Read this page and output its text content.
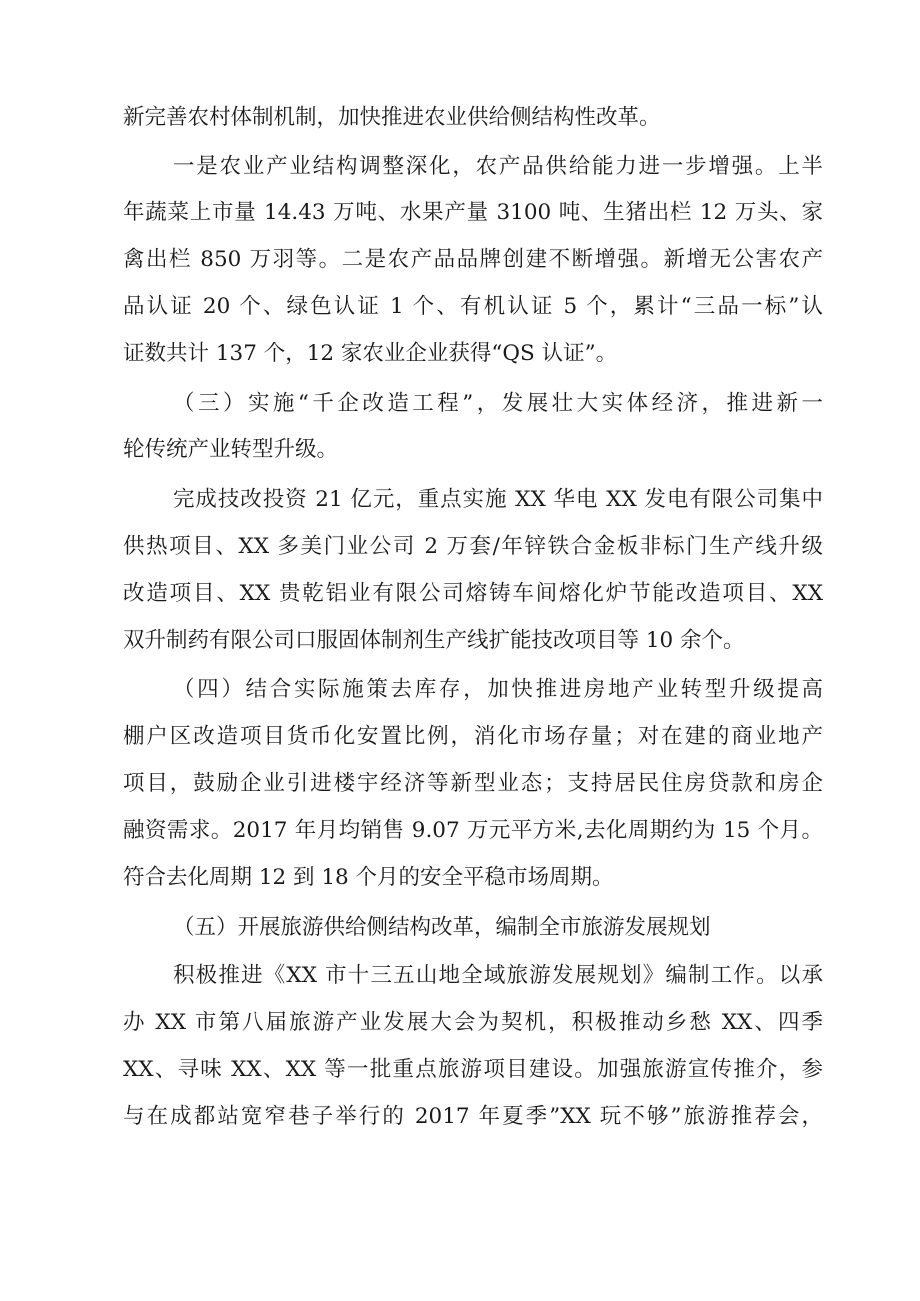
新完善农村体制机制，加快推进农业供给侧结构性改革。
一是农业产业结构调整深化，农产品供给能力进一步增强。上半
年蔬菜上市量 14.43 万吨、水果产量 3100 吨、生猪出栏 12 万头、家
禽出栏 850 万羽等。二是农产品品牌创建不断增强。新增无公害农产
品认证 20 个、绿色认证 1 个、有机认证 5 个，累计“三品一标”认
证数共计 137 个，12 家农业企业获得“QS 认证”。
（三）实施“千企改造工程”，发展壮大实体经济，推进新一
轮传统产业转型升级。
完成技改投资 21 亿元，重点实施 XX 华电 XX 发电有限公司集中
供热项目、XX 多美门业公司 2 万套/年锌铁合金板非标门生产线升级
改造项目、XX 贵乾铝业有限公司熔铸车间熔化炉节能改造项目、XX
双升制药有限公司口服固体制剂生产线扩能技改项目等 10 余个。
（四）结合实际施策去库存，加快推进房地产业转型升级提高
棚户区改造项目货币化安置比例，消化市场存量；对在建的商业地产
项目，鼓励企业引进楼宇经济等新型业态；支持居民住房贷款和房企
融资需求。2017 年月均销售 9.07 万元平方米,去化周期约为 15 个月。
符合去化周期 12 到 18 个月的安全平稳市场周期。
（五）开展旅游供给侧结构改革，编制全市旅游发展规划
积极推进《XX 市十三五山地全域旅游发展规划》编制工作。以承
办 XX 市第八届旅游产业发展大会为契机，积极推动乡愁 XX、四季
XX、寻味 XX、XX 等一批重点旅游项目建设。加强旅游宣传推介，参
与在成都站宽窄巷子举行的 2017 年夏季”XX 玩不够”旅游推荐会，
